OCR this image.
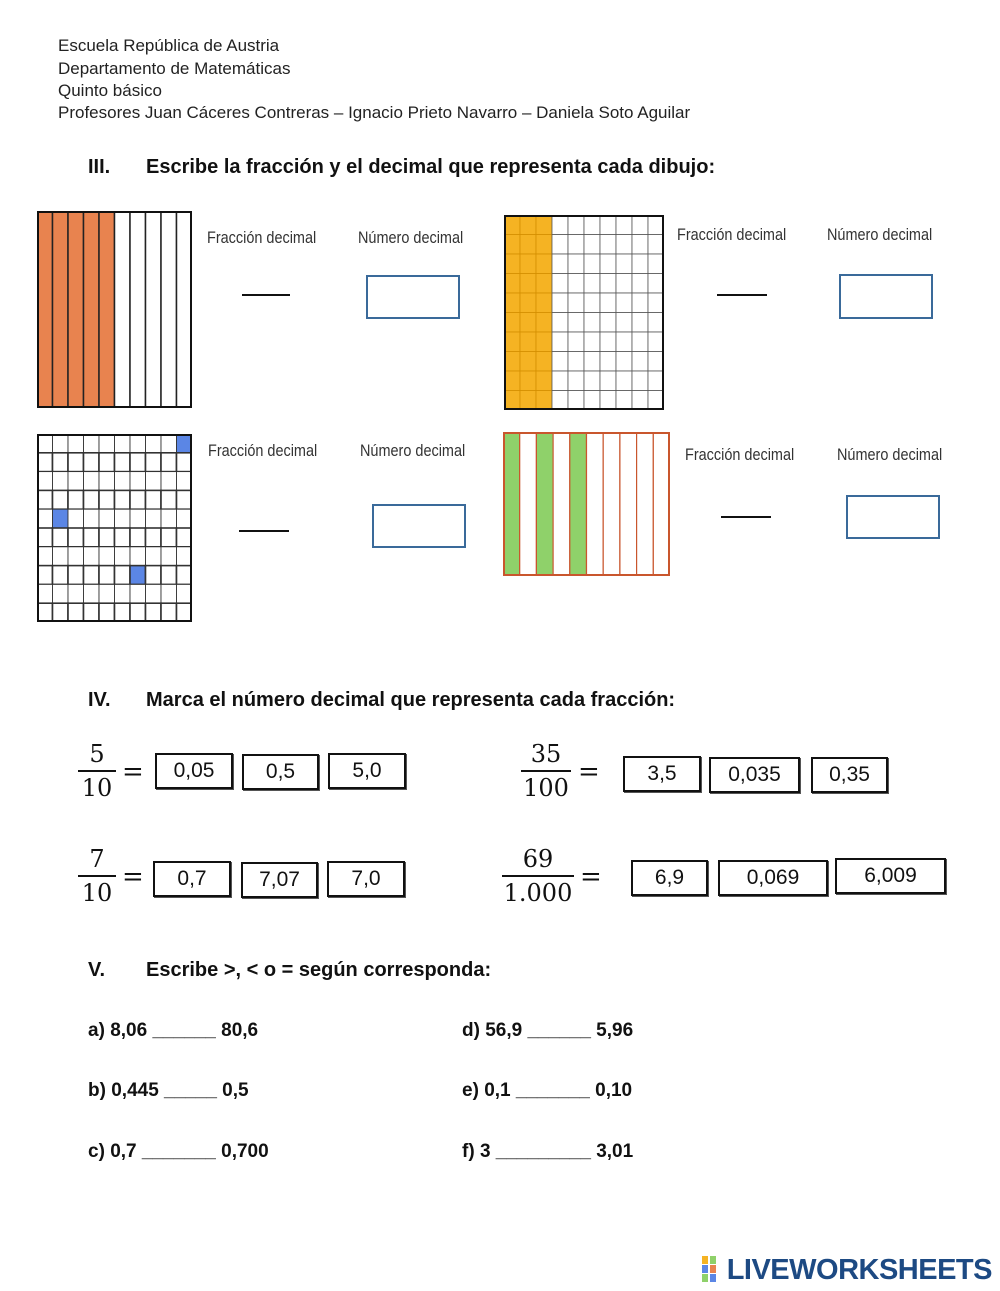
Escuela República de Austria
Departamento de Matemáticas
Quinto básico
Profesores Juan Cáceres Contreras – Ignacio Prieto Navarro – Daniela Soto Aguilar
III. Escribe la fracción y el decimal que representa cada dibujo:
Fracción decimal Número decimal	Fracción decimal Número decimal
Fracción decimal	Número decimal	Fracción decimal	Número decimal
IV. Marca el número decimal que representa cada fracción:
5
10
=	0,05	0,5	5,0
35
100
=	3,5	0,035	0,35
7
10
=	0,7	7,07	7,0
69
1.000
=	6,9	0,069	6,009
V. Escribe >, < o = según corresponda:
a) 8,06 ______ 80,6
b) 0,445 _____ 0,5
c) 0,7 _______ 0,700
d) 56,9 ______ 5,96
e) 0,1 _______ 0,10
f) 3 _________ 3,01
LIVEWORKSHEETS
